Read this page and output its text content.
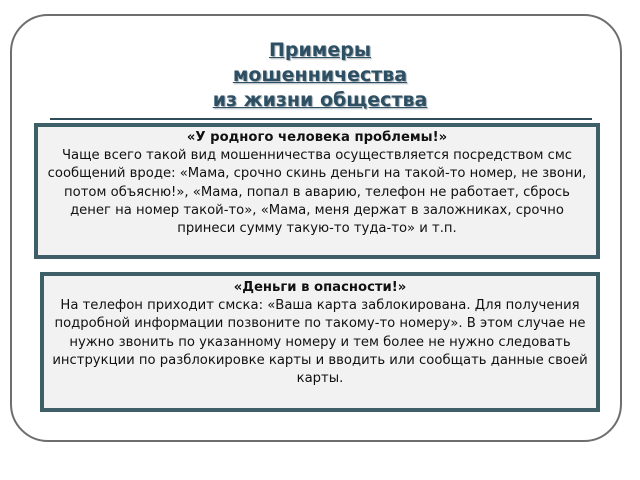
Примеры
мошенничества
из жизни общества
«У родного человека проблемы!»
Чаще всего такой вид мошенничества осуществляется посредством смс сообщений вроде: «Мама, срочно скинь деньги на такой-то номер, не звони, потом объясню!», «Мама, попал в аварию, телефон не работает, сбрось денег на номер такой-то», «Мама, меня держат в заложниках, срочно принеси сумму такую-то туда-то» и т.п.
«Деньги в опасности!»
На телефон приходит смска: «Ваша карта заблокирована. Для получения подробной информации позвоните по такому-то номеру». В этом случае не нужно звонить по указанному номеру и тем более не нужно следовать инструкции по разблокировке карты и вводить или сообщать данные своей карты.
